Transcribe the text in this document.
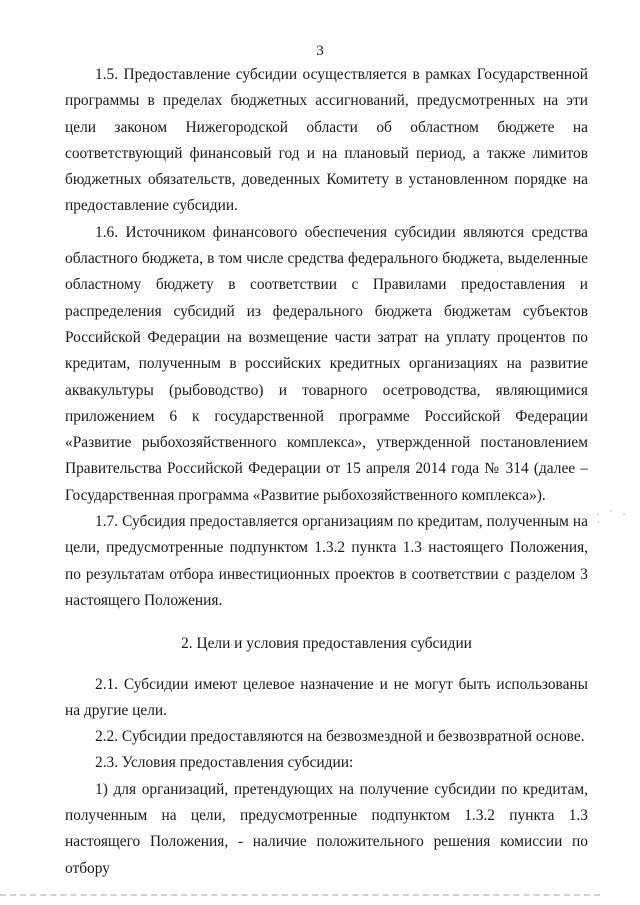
3

1.5. Предоставление субсидии осуществляется в рамках Государственной программы в пределах бюджетных ассигнований, предусмотренных на эти цели законом Нижегородской области об областном бюджете на соответствующий финансовый год и на плановый период, а также лимитов бюджетных обязательств, доведенных Комитету в установленном порядке на предоставление субсидии.

1.6. Источником финансового обеспечения субсидии являются средства областного бюджета, в том числе средства федерального бюджета, выделенные областному бюджету в соответствии с Правилами предоставления и распределения субсидий из федерального бюджета бюджетам субъектов Российской Федерации на возмещение части затрат на уплату процентов по кредитам, полученным в российских кредитных организациях на развитие аквакультуры (рыбоводство) и товарного осетроводства, являющимися приложением 6 к государственной программе Российской Федерации «Развитие рыбохозяйственного комплекса», утвержденной постановлением Правительства Российской Федерации от 15 апреля 2014 года № 314 (далее – Государственная программа «Развитие рыбохозяйственного комплекса»).

1.7. Субсидия предоставляется организациям по кредитам, полученным на цели, предусмотренные подпунктом 1.3.2 пункта 1.3 настоящего Положения, по результатам отбора инвестиционных проектов в соответствии с разделом 3 настоящего Положения.

2. Цели и условия предоставления субсидии

2.1. Субсидии имеют целевое назначение и не могут быть использованы на другие цели.

2.2. Субсидии предоставляются на безвозмездной и безвозвратной основе.

2.3. Условия предоставления субсидии:

1) для организаций, претендующих на получение субсидии по кредитам, полученным на цели, предусмотренные подпунктом 1.3.2 пункта 1.3 настоящего Положения, - наличие положительного решения комиссии по отбору

· ˙ · ˙
